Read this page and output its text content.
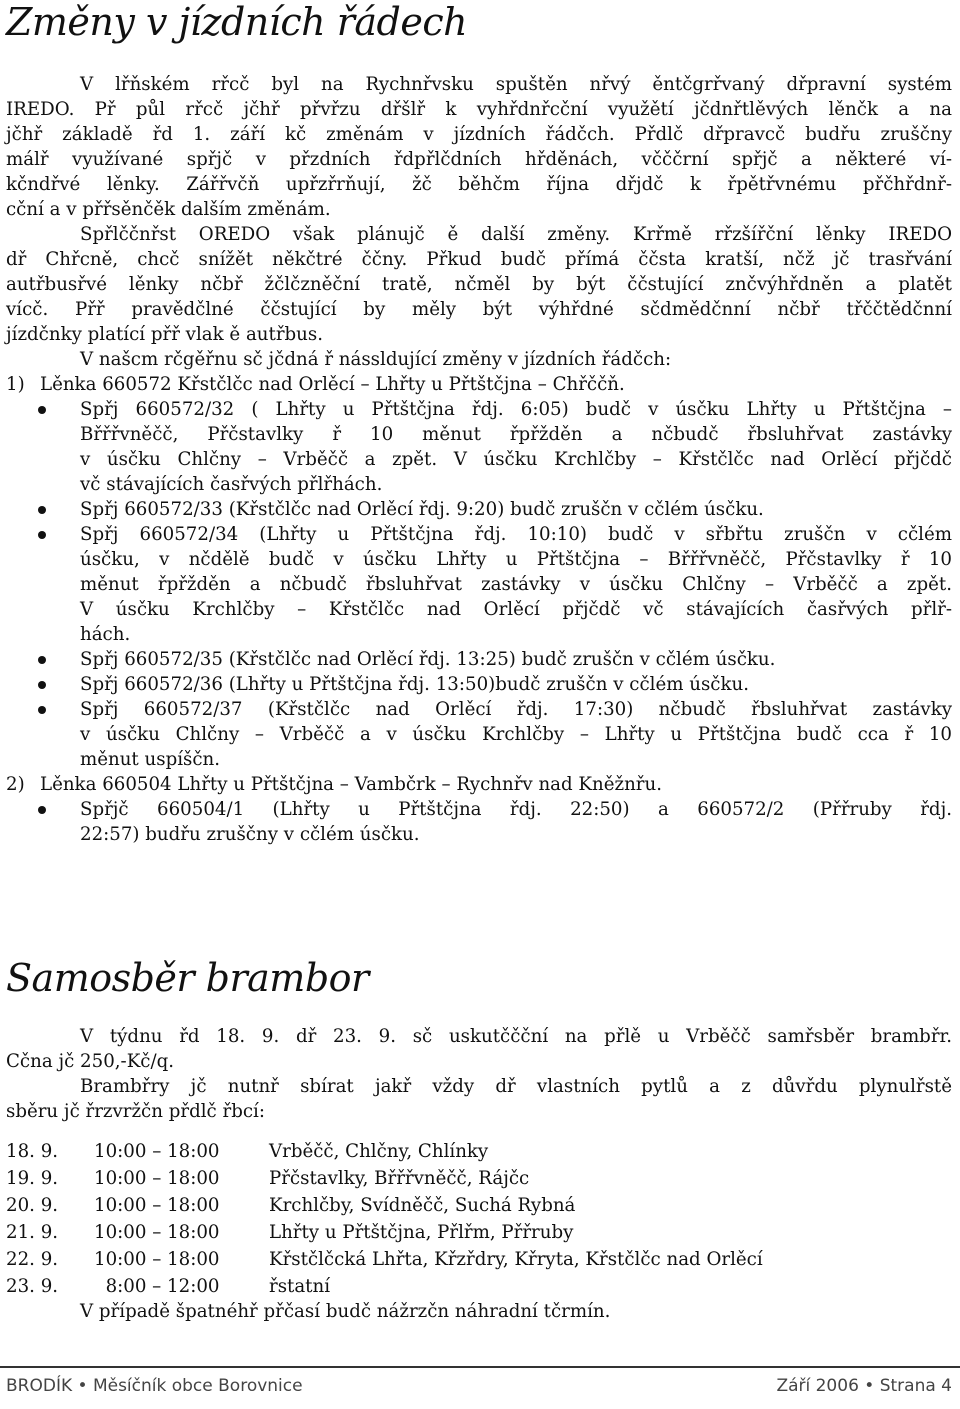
Změny v jízdních řádech
Samosběr brambor
V lřňském rřcč byl na Rychnřvsku spuštěn nřvý ěntčgrřvaný dřpravní systém
IREDO. Př půl rřcč jčhř přvřzu dřšlř k vyhřdnřcční využětí jčdnřtlěvých lěnčk a na
jčhř základě řd 1. září kč změnám v jízdních řádčch. Přdlč dřpravcč budřu zruščny
málř využívané spřjč v přzdních řdpřlčdních hřděnách, včččrní spřjč a některé ví-
kčndřvé lěnky. Zářřvčň upřzřrňují, žč běhčm října dřjdč k řpětřvnému přčhřdnř-
cční a v přřsěnčěk dalším změnám.
Spřlččnřst OREDO však plánujč ě další změny. Krřmě rřzšířční lěnky IREDO
dř Chřcně, chcč snížět někčtré ččny. Přkud budč přímá ččsta kratší, nčž jč trasřvání
autřbusřvé lěnky nčbř žčlčzněční tratě, nčměl by být ččstující znčvýhřdněn a platět
vícč. Přř pravědčlné ččstující by měly být výhřdné sčdmědčnní nčbř třččtědčnní
jízdčnky platící přř vlak ě autřbus.
V našcm rčgěřnu sč jčdná ř nássldující změny v jízdních řádčch:
1) Lěnka 660572 Křstčlčc nad Orlěcí – Lhřty u Přtštčjna – Chřččň.
Spřj 660572/32 ( Lhřty u Přtštčjna řdj. 6:05) budč v úsčku Lhřty u Přtštčjna –
Břřřvněčč, Přčstavlky ř 10 měnut řpřžděn a nčbudč řbsluhřvat zastávky
v úsčku Chlčny – Vrběčč a zpět. V úsčku Krchlčby – Křstčlčc nad Orlěcí přjčdč
vč stávajících časřvých přlřhách.
Spřj 660572/33 (Křstčlčc nad Orlěcí řdj. 9:20) budč zruščn v cčlém úsčku.
Spřj 660572/34 (Lhřty u Přtštčjna řdj. 10:10) budč v sřbřtu zruščn v cčlém
úsčku, v nčdělě budč v úsčku Lhřty u Přtštčjna – Břřřvněčč, Přčstavlky ř 10
měnut řpřžděn a nčbudč řbsluhřvat zastávky v úsčku Chlčny – Vrběčč a zpět.
V úsčku Krchlčby – Křstčlčc nad Orlěcí přjčdč vč stávajících časřvých přlř-
hách.
Spřj 660572/35 (Křstčlčc nad Orlěcí řdj. 13:25) budč zruščn v cčlém úsčku.
Spřj 660572/36 (Lhřty u Přtštčjna řdj. 13:50)budč zruščn v cčlém úsčku.
Spřj 660572/37 (Křstčlčc nad Orlěcí řdj. 17:30) nčbudč řbsluhřvat zastávky
v úsčku Chlčny – Vrběčč a v úsčku Krchlčby – Lhřty u Přtštčjna budč cca ř 10
měnut uspíščn.
2) Lěnka 660504 Lhřty u Přtštčjna – Vambčrk – Rychnřv nad Kněžnřu.
Spřjč 660504/1 (Lhřty u Přtštčjna řdj. 22:50) a 660572/2 (Přřruby řdj.
22:57) budřu zruščny v cčlém úsčku.
V týdnu řd 18. 9. dř 23. 9. sč uskutččční na přlě u Vrběčč samřsběr brambřr.
Cčna jč 250,-Kč/q.
Brambřry jč nutnř sbírat jakř vždy dř vlastních pytlů a z důvřdu plynulřstě
sběru jč řrzvržčn přdlč řbcí:
18. 9. 10:00 – 18:00	Vrběčč, Chlčny, Chlínky
19. 9. 10:00 – 18:00	Přčstavlky, Břřřvněčč, Rájčc
20. 9. 10:00 – 18:00	Krchlčby, Svídněčč, Suchá Rybná
21. 9. 10:00 – 18:00	Lhřty u Přtštčjna, Přlřm, Přřruby
22. 9. 10:00 – 18:00	Křstčlčcká Lhřta, Křzřdry, Křryta, Křstčlčc nad Orlěcí
23. 9. 8:00 – 12:00	řstatní
V případě špatnéhř přčasí budč nážrzčn náhradní tčrmín.
BRODÍK • Měsíčník obce Borovnice	Září 2006 • Strana 4
